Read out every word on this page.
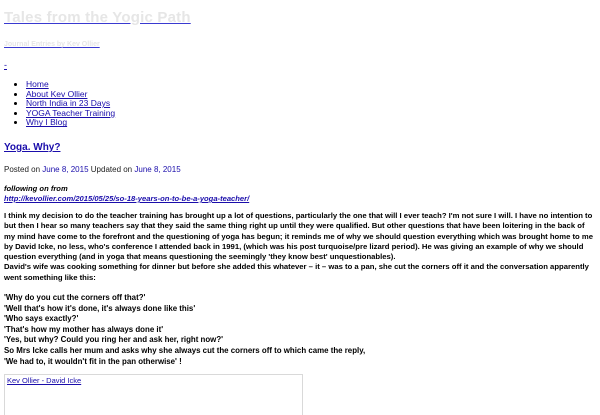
Tales from the Yogic Path
Journal Entries by Kev Ollier
-
• Home
• About Kev Ollier
• North India in 23 Days
• YOGA Teacher Training
• Why I Blog
Yoga. Why?
Posted on June 8, 2015 Updated on June 8, 2015
following on from
http://kevollier.com/2015/05/25/so-18-years-on-to-be-a-yoga-teacher/

I think my decision to do the teacher training has brought up a lot of questions, particularly the one that will I ever teach? I'm not sure I will. I have no intention to but then I hear so many teachers say that they said the same thing right up until they were qualified. But other questions that have been loitering in the back of my mind have come to the forefront and the questioning of yoga has begun; it reminds me of why we should question everything which was brought home to me by David Icke, no less, who's conference I attended back in 1991, (which was his post turquoise/pre lizard period). He was giving an example of why we should question everything (and in yoga that means questioning the seemingly 'they know best' unquestionables).

David's wife was cooking something for dinner but before she added this whatever – it – was to a pan, she cut the corners off it and the conversation apparently went something like this:

'Why do you cut the corners off that?'
'Well that's how it's done, it's always done like this'
'Who says exactly?'
'That's how my mother has always done it'
'Yes, but why? Could you ring her and ask her, right now?'
So Mrs Icke calls her mum and asks why she always cut the corners off to which came the reply,
'We had to, it wouldn't fit in the pan otherwise' !
Kev Ollier - David Icke
